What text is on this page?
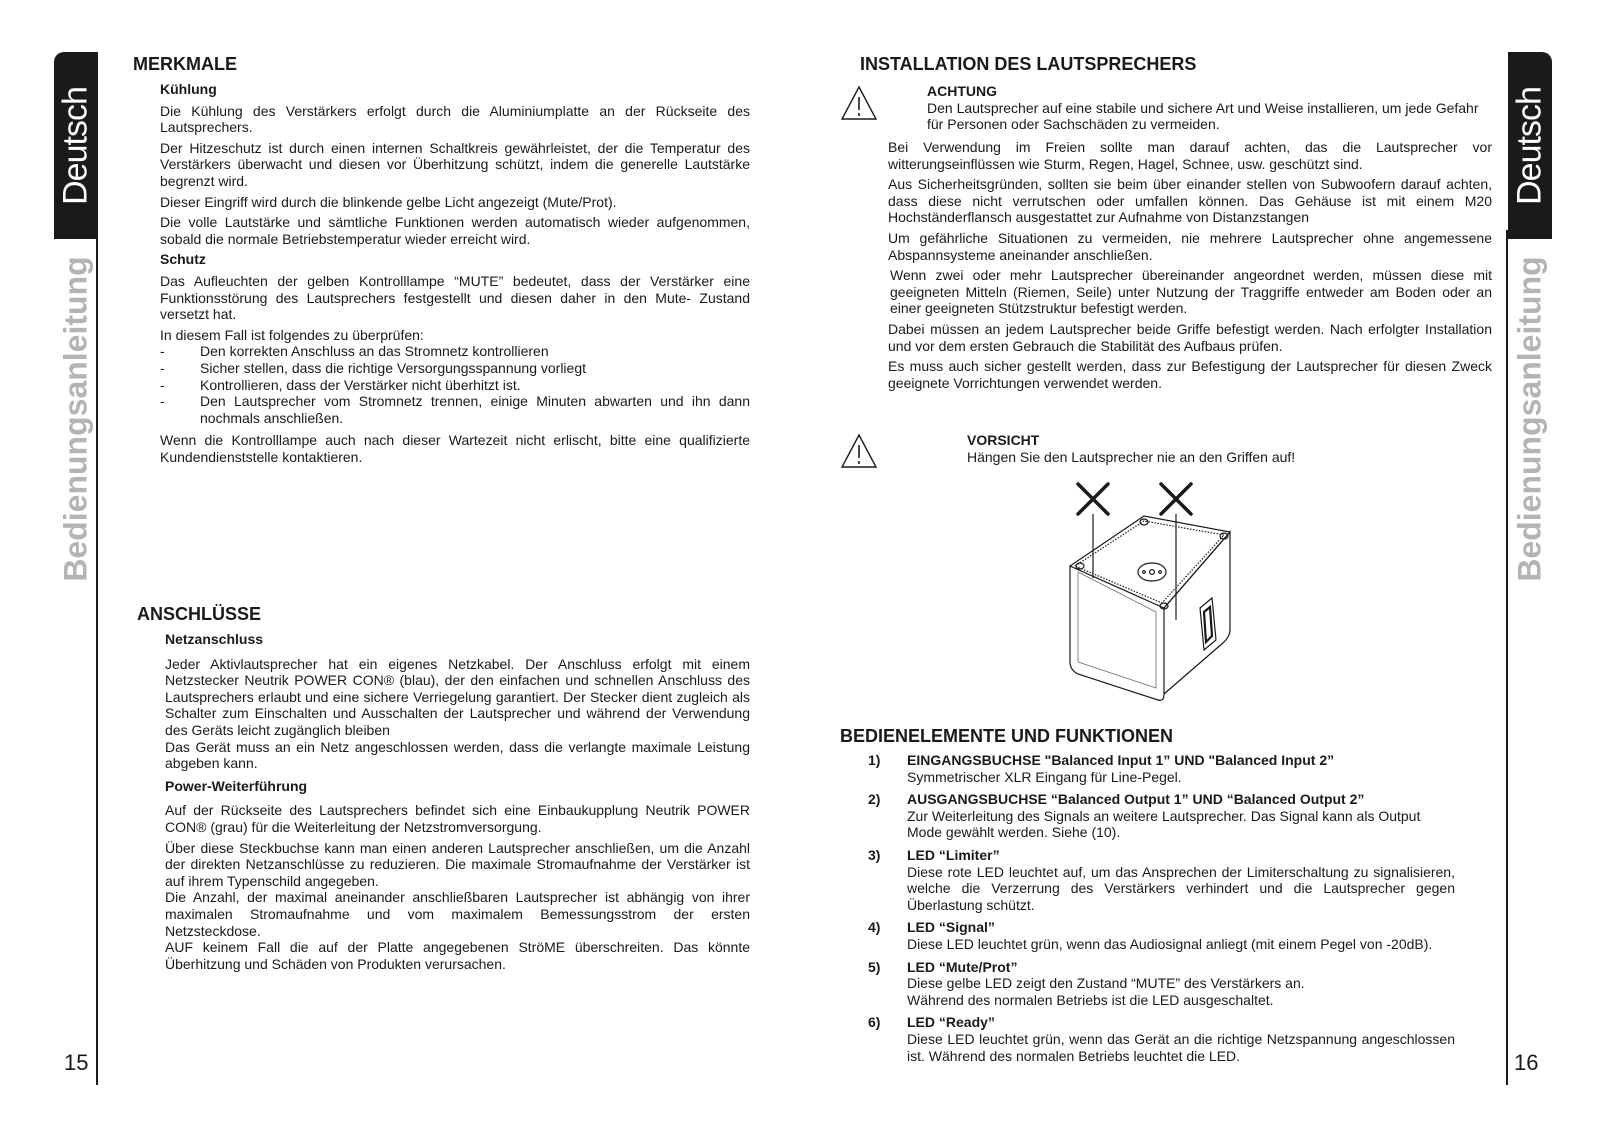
Deutsch
Bedienungsanleitung
15
MERKMALE
Kühlung

Die Kühlung des Verstärkers erfolgt durch die Aluminiumplatte an der Rückseite des Lautsprechers.

Der Hitzeschutz ist durch einen internen Schaltkreis gewährleistet, der die Temperatur des Verstärkers überwacht und diesen vor Überhitzung schützt, indem die generelle Lautstärke begrenzt wird.

Dieser Eingriff wird durch die blinkende gelbe Licht angezeigt (Mute/Prot).

Die volle Lautstärke und sämtliche Funktionen werden automatisch wieder aufgenommen, sobald die normale Betriebstemperatur wieder erreicht wird.

Schutz

Das Aufleuchten der gelben Kontrolllampe “MUTE” bedeutet, dass der Verstärker eine Funktionsstörung des Lautsprechers festgestellt und diesen daher in den Mute- Zustand versetzt hat.

In diesem Fall ist folgendes zu überprüfen:

-	Den korrekten Anschluss an das Stromnetz kontrollieren
-	Sicher stellen, dass die richtige Versorgungsspannung vorliegt
-	Kontrollieren, dass der Verstärker nicht überhitzt ist.
-	Den Lautsprecher vom Stromnetz trennen, einige Minuten abwarten und ihn dann nochmals anschließen.

Wenn die Kontrolllampe auch nach dieser Wartezeit nicht erlischt, bitte eine qualifizierte Kundendienststelle kontaktieren.

ANSCHLÜSSE
Netzanschluss

Jeder Aktivlautsprecher hat ein eigenes Netzkabel. Der Anschluss erfolgt mit einem Netzstecker Neutrik POWER CON® (blau), der den einfachen und schnellen Anschluss des Lautsprechers erlaubt und eine sichere Verriegelung garantiert. Der Stecker dient zugleich als Schalter zum Einschalten und Ausschalten der Lautsprecher und während der Verwendung des Geräts leicht zugänglich bleiben

Das Gerät muss an ein Netz angeschlossen werden, dass die verlangte maximale Leistung abgeben kann.

Power-Weiterführung

Auf der Rückseite des Lautsprechers befindet sich eine Einbaukupplung Neutrik POWER CON® (grau) für die Weiterleitung der Netzstromversorgung.

Über diese Steckbuchse kann man einen anderen Lautsprecher anschließen, um die Anzahl der direkten Netzanschlüsse zu reduzieren. Die maximale Stromaufnahme der Verstärker ist auf ihrem Typenschild angegeben.

Die Anzahl, der maximal aneinander anschließbaren Lautsprecher ist abhängig von ihrer maximalen Stromaufnahme und vom maximalem Bemessungsstrom der ersten Netzsteckdose.

AUF keinem Fall die auf der Platte angegebenen StröME überschreiten. Das könnte Überhitzung und Schäden von Produkten verursachen.

Deutsch
Bedienungsanleitung
16
INSTALLATION DES LAUTSPRECHERS
ACHTUNG

Den Lautsprecher auf eine stabile und sichere Art und Weise installieren, um jede Gefahr für Personen oder Sachschäden zu vermeiden.

Bei Verwendung im Freien sollte man darauf achten, das die Lautsprecher vor witterungseinflüssen wie Sturm, Regen, Hagel, Schnee, usw. geschützt sind.

Aus Sicherheitsgründen, sollten sie beim über einander stellen von Subwoofern darauf achten, dass diese nicht verrutschen oder umfallen können. Das Gehäuse ist mit einem M20 Hochständerflansch ausgestattet zur Aufnahme von Distanzstangen

Um gefährliche Situationen zu vermeiden, nie mehrere Lautsprecher ohne angemessene Abspannsysteme aneinander anschließen.

Wenn zwei oder mehr Lautsprecher übereinander angeordnet werden, müssen diese mit geeigneten Mitteln (Riemen, Seile) unter Nutzung der Traggriffe entweder am Boden oder an einer geeigneten Stützstruktur befestigt werden.

Dabei müssen an jedem Lautsprecher beide Griffe befestigt werden. Nach erfolgter Installation und vor dem ersten Gebrauch die Stabilität des Aufbaus prüfen.

Es muss auch sicher gestellt werden, dass zur Befestigung der Lautsprecher für diesen Zweck geeignete Vorrichtungen verwendet werden.

VORSICHT

Hängen Sie den Lautsprecher nie an den Griffen auf!

BEDIENELEMENTE UND FUNKTIONEN
1) EINGANGSBUCHSE "Balanced Input 1” UND "Balanced Input 2”
Symmetrischer XLR Eingang für Line-Pegel.
2) AUSGANGSBUCHSE “Balanced Output 1” UND “Balanced Output 2”
Zur Weiterleitung des Signals an weitere Lautsprecher. Das Signal kann als Output Mode gewählt werden. Siehe (10).
3) LED “Limiter”
Diese rote LED leuchtet auf, um das Ansprechen der Limiterschaltung zu signalisieren, welche die Verzerrung des Verstärkers verhindert und die Lautsprecher gegen Überlastung schützt.
4) LED “Signal”
Diese LED leuchtet grün, wenn das Audiosignal anliegt (mit einem Pegel von -20dB).
5) LED “Mute/Prot”
Diese gelbe LED zeigt den Zustand “MUTE” des Verstärkers an.
Während des normalen Betriebs ist die LED ausgeschaltet.
6) LED “Ready”
Diese LED leuchtet grün, wenn das Gerät an die richtige Netzspannung angeschlossen ist. Während des normalen Betriebs leuchtet die LED.
